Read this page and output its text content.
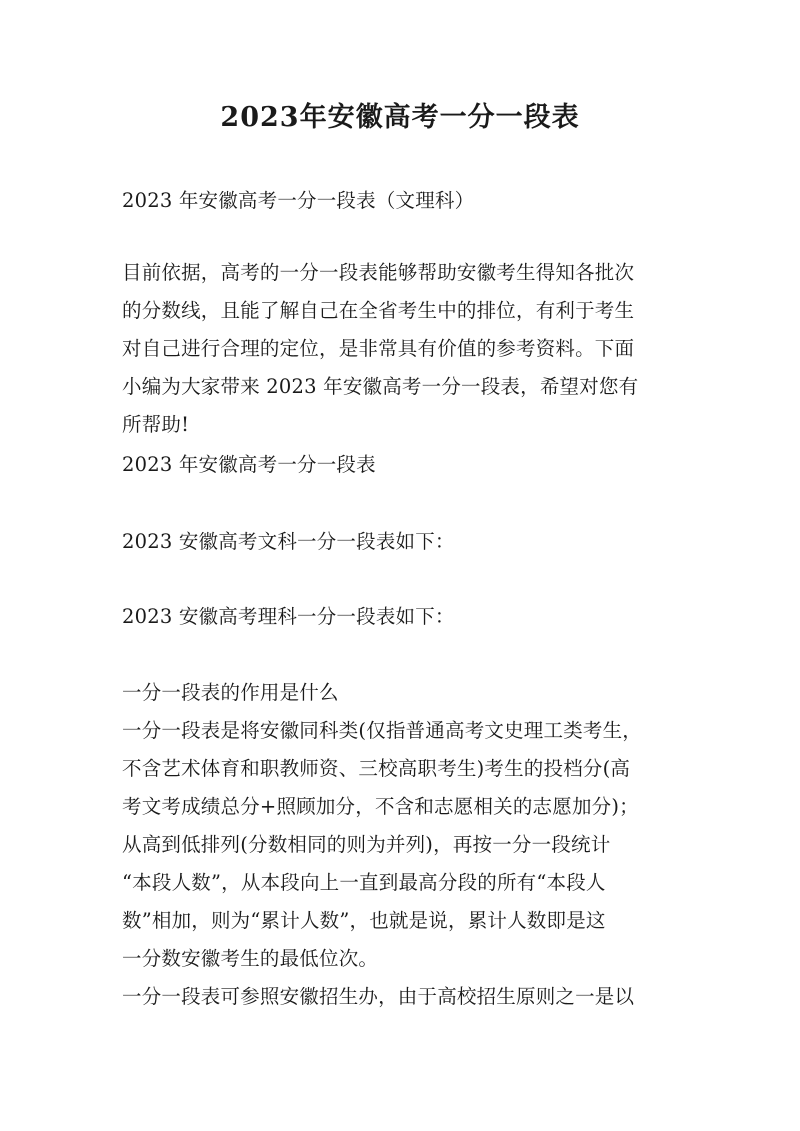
2023年安徽高考一分一段表
2023 年安徽高考一分一段表（文理科）
目前依据，高考的一分一段表能够帮助安徽考生得知各批次
的分数线，且能了解自己在全省考生中的排位，有利于考生
对自己进行合理的定位，是非常具有价值的参考资料。下面
小编为大家带来 2023 年安徽高考一分一段表，希望对您有
所帮助!
2023 年安徽高考一分一段表
2023 安徽高考文科一分一段表如下：
2023 安徽高考理科一分一段表如下：
一分一段表的作用是什么
一分一段表是将安徽同科类(仅指普通高考文史理工类考生，
不含艺术体育和职教师资、三校高职考生)考生的投档分(高
考文考成绩总分+照顾加分，不含和志愿相关的志愿加分)；
从高到低排列(分数相同的则为并列)，再按一分一段统计
“本段人数”，从本段向上一直到最高分段的所有“本段人
数”相加，则为“累计人数”，也就是说，累计人数即是这
一分数安徽考生的最低位次。
一分一段表可参照安徽招生办，由于高校招生原则之一是以
